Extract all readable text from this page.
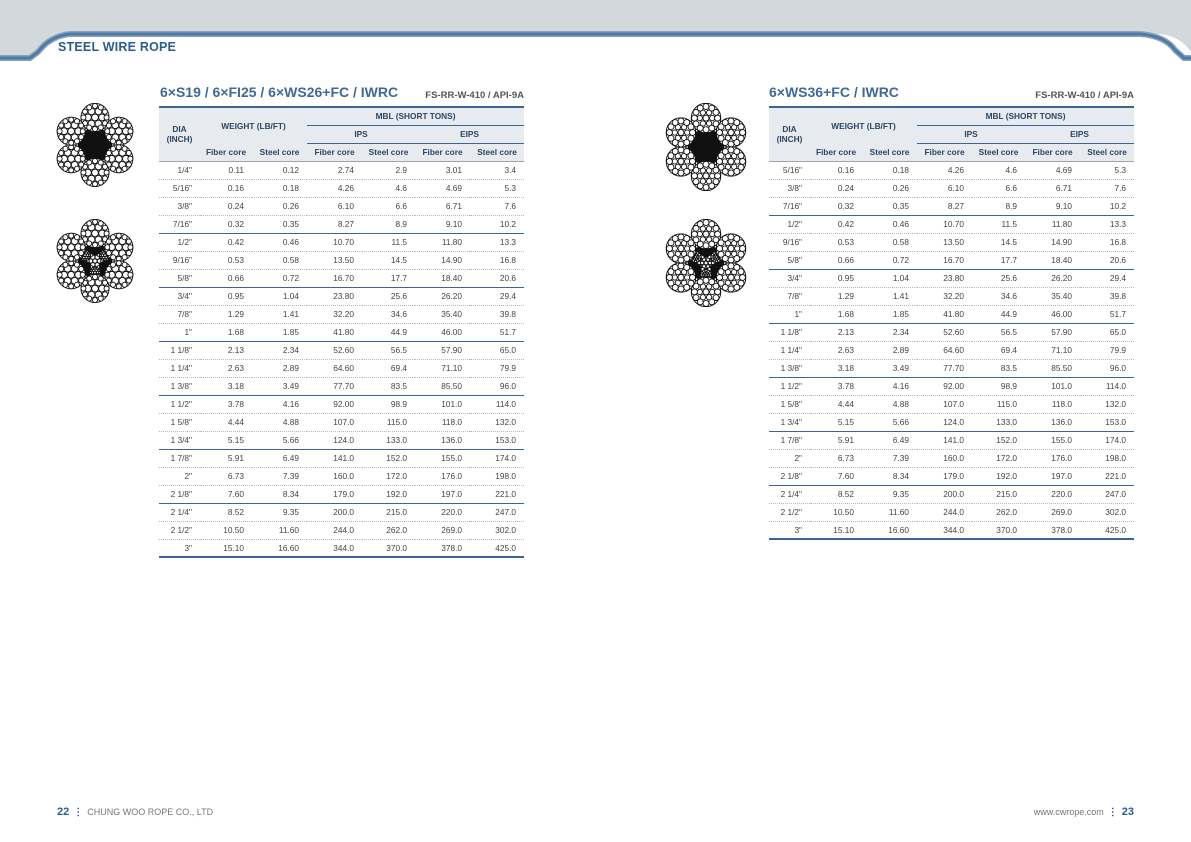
STEEL WIRE ROPE
6×S19 / 6×FI25 / 6×WS26+FC / IWRC	FS-RR-W-410 / API-9A
DIA (INCH)	WEIGHT (LB/FT)		MBL (SHORT TONS)			
			IPS		EIPS	
	Fiber core	Steel core	Fiber core	Steel core	Fiber core	Steel core
1/4"	0.11	0.12	2.74	2.9	3.01	3.4
5/16"	0.16	0.18	4.26	4.6	4.69	5.3
3/8"	0.24	0.26	6.10	6.6	6.71	7.6
7/16"	0.32	0.35	8.27	8.9	9.10	10.2
1/2"	0.42	0.46	10.70	11.5	11.80	13.3
9/16"	0.53	0.58	13.50	14.5	14.90	16.8
5/8"	0.66	0.72	16.70	17.7	18.40	20.6
3/4"	0.95	1.04	23.80	25.6	26.20	29.4
7/8"	1.29	1.41	32.20	34.6	35.40	39.8
1"	1.68	1.85	41.80	44.9	46.00	51.7
1 1/8"	2.13	2.34	52.60	56.5	57.90	65.0
1 1/4"	2.63	2.89	64.60	69.4	71.10	79.9
1 3/8"	3.18	3.49	77.70	83.5	85.50	96.0
1 1/2"	3.78	4.16	92.00	98.9	101.0	114.0
1 5/8"	4.44	4.88	107.0	115.0	118.0	132.0
1 3/4"	5.15	5.66	124.0	133.0	136.0	153.0
1 7/8"	5.91	6.49	141.0	152.0	155.0	174.0
2"	6.73	7.39	160.0	172.0	176.0	198.0
2 1/8"	7.60	8.34	179.0	192.0	197.0	221.0
2 1/4"	8.52	9.35	200.0	215.0	220.0	247.0
2 1/2"	10.50	11.60	244.0	262.0	269.0	302.0
3"	15.10	16.60	344.0	370.0	378.0	425.0
6×WS36+FC / IWRC	FS-RR-W-410 / API-9A
DIA (INCH)	WEIGHT (LB/FT)		MBL (SHORT TONS)			
			IPS		EIPS	
	Fiber core	Steel core	Fiber core	Steel core	Fiber core	Steel core
5/16"	0.16	0.18	4.26	4.6	4.69	5.3
3/8"	0.24	0.26	6.10	6.6	6.71	7.6
7/16"	0.32	0.35	8.27	8.9	9.10	10.2
1/2"	0.42	0.46	10.70	11.5	11.80	13.3
9/16"	0.53	0.58	13.50	14.5	14.90	16.8
5/8"	0.66	0.72	16.70	17.7	18.40	20.6
3/4"	0.95	1.04	23.80	25.6	26.20	29.4
7/8"	1.29	1.41	32.20	34.6	35.40	39.8
1"	1.68	1.85	41.80	44.9	46.00	51.7
1 1/8"	2.13	2.34	52.60	56.5	57.90	65.0
1 1/4"	2.63	2.89	64.60	69.4	71.10	79.9
1 3/8"	3.18	3.49	77.70	83.5	85.50	96.0
1 1/2"	3.78	4.16	92.00	98.9	101.0	114.0
1 5/8"	4.44	4.88	107.0	115.0	118.0	132.0
1 3/4"	5.15	5.66	124.0	133.0	136.0	153.0
1 7/8"	5.91	6.49	141.0	152.0	155.0	174.0
2"	6.73	7.39	160.0	172.0	176.0	198.0
2 1/8"	7.60	8.34	179.0	192.0	197.0	221.0
2 1/4"	8.52	9.35	200.0	215.0	220.0	247.0
2 1/2"	10.50	11.60	244.0	262.0	269.0	302.0
3"	15.10	16.60	344.0	370.0	378.0	425.0
22 ⋮ CHUNG WOO ROPE CO., LTD	www.cwrope.com ⋮ 23
